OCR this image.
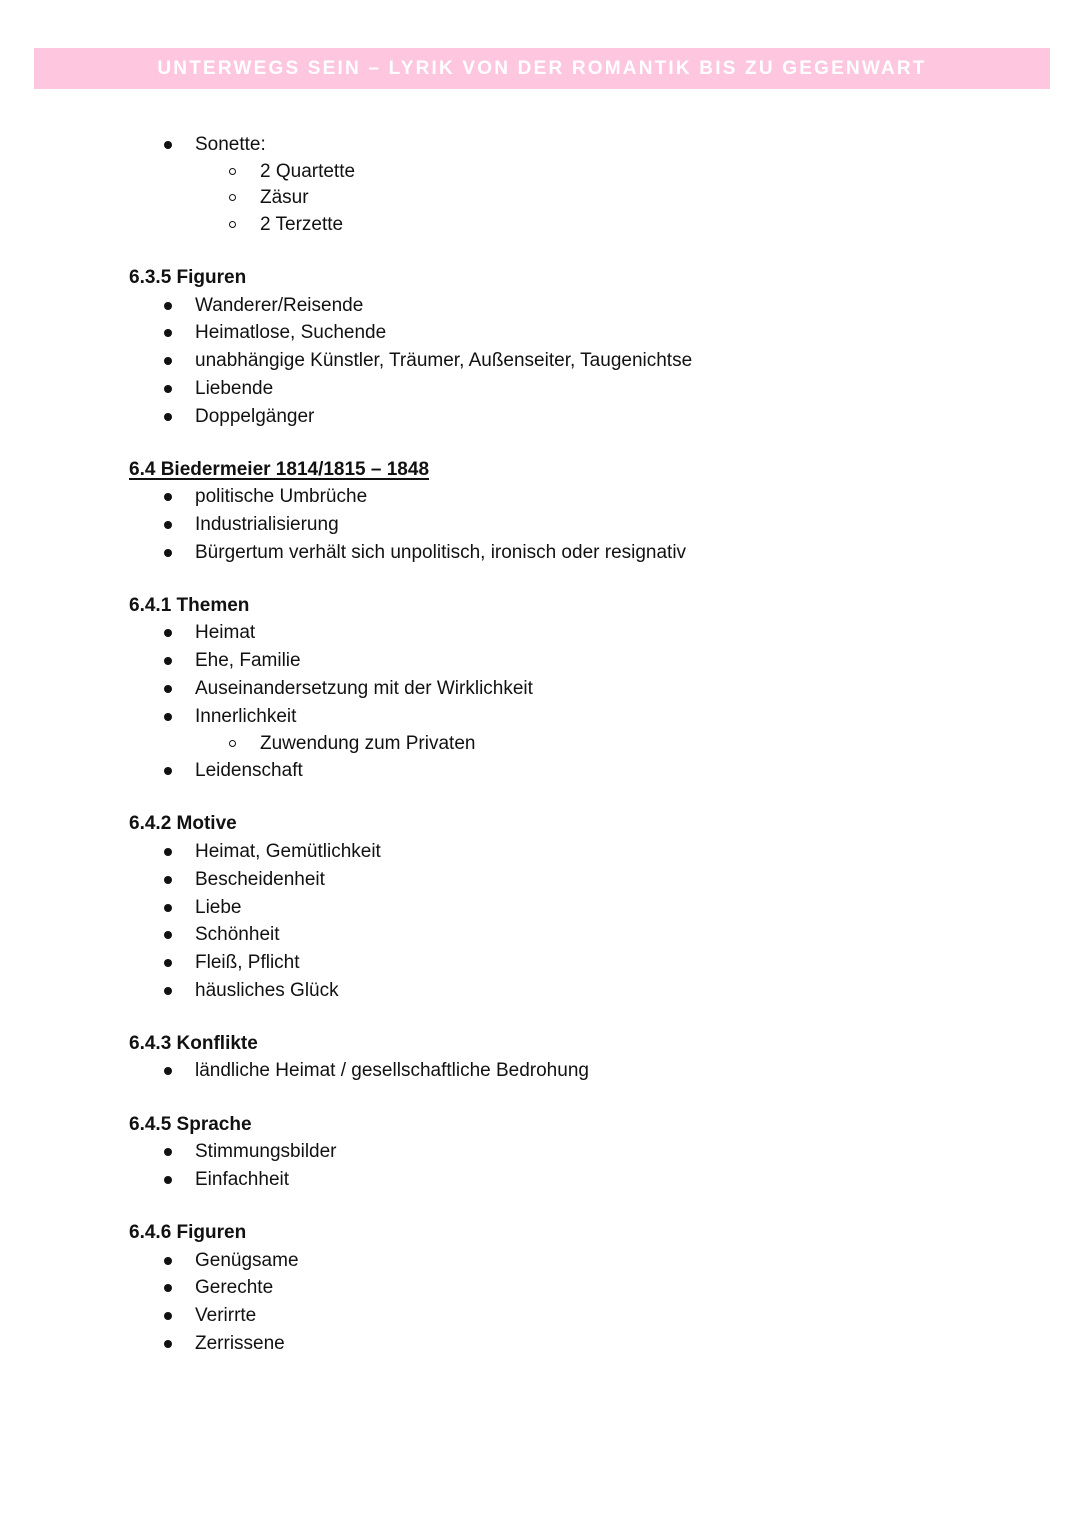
UNTERWEGS SEIN – LYRIK VON DER ROMANTIK BIS ZU GEGENWART
Sonette:
2 Quartette
Zäsur
2 Terzette
6.3.5 Figuren
Wanderer/Reisende
Heimatlose, Suchende
unabhängige Künstler, Träumer, Außenseiter, Taugenichtse
Liebende
Doppelgänger
6.4 Biedermeier 1814/1815 – 1848
politische Umbrüche
Industrialisierung
Bürgertum verhält sich unpolitisch, ironisch oder resignativ
6.4.1 Themen
Heimat
Ehe, Familie
Auseinandersetzung mit der Wirklichkeit
Innerlichkeit
Zuwendung zum Privaten
Leidenschaft
6.4.2 Motive
Heimat, Gemütlichkeit
Bescheidenheit
Liebe
Schönheit
Fleiß, Pflicht
häusliches Glück
6.4.3 Konflikte
ländliche Heimat / gesellschaftliche Bedrohung
6.4.5 Sprache
Stimmungsbilder
Einfachheit
6.4.6 Figuren
Genügsame
Gerechte
Verirrte
Zerrissene
